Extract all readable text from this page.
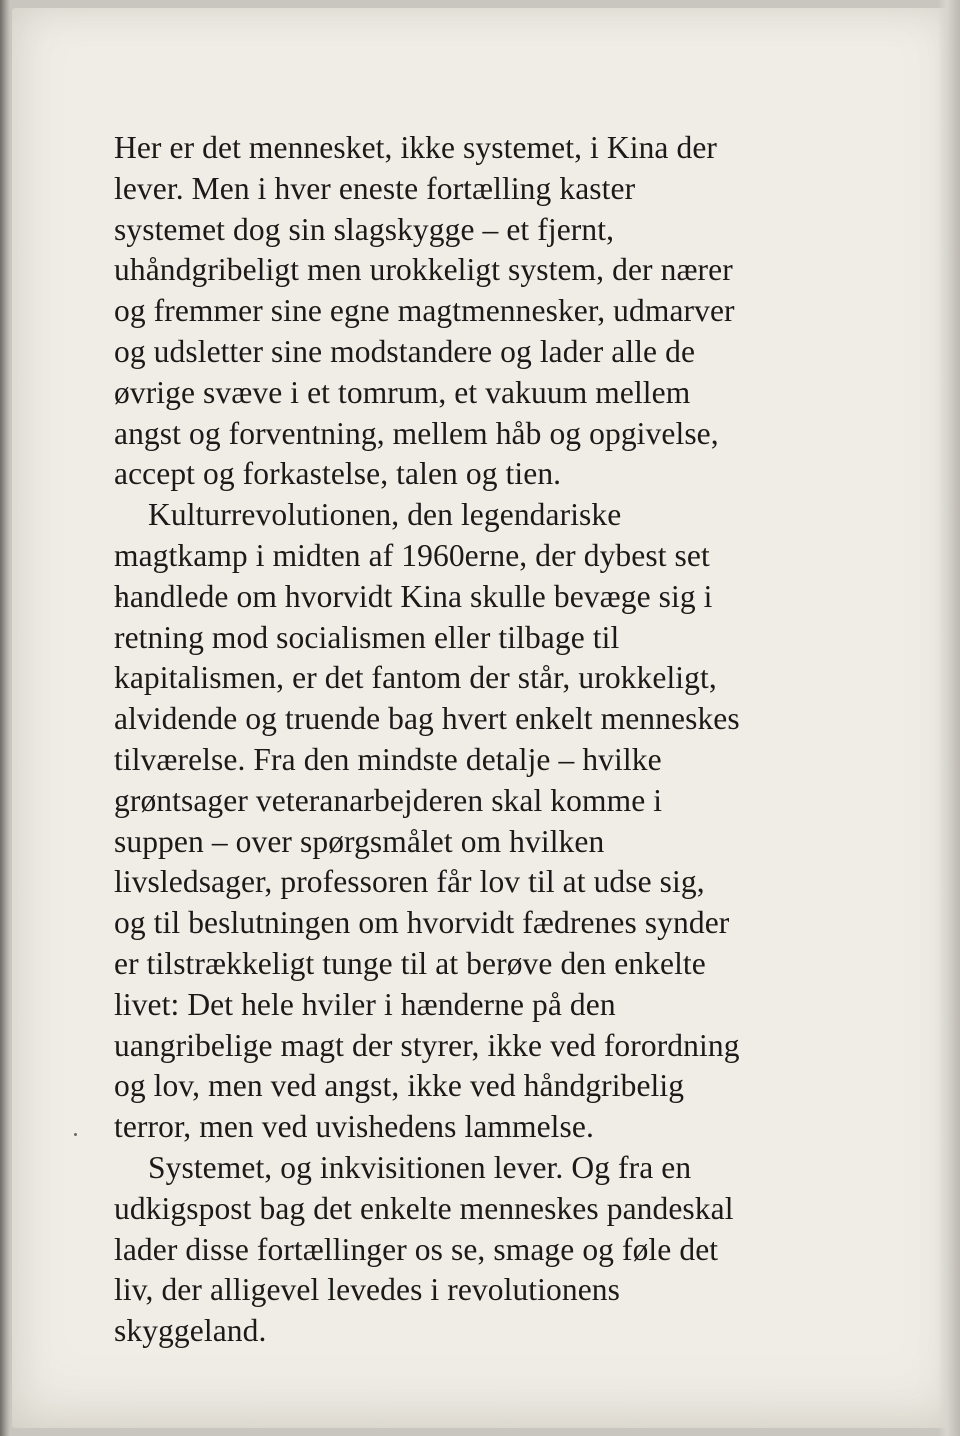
Her er det mennesket, ikke systemet, i Kina der
lever. Men i hver eneste fortælling kaster
systemet dog sin slagskygge – et fjernt,
uhåndgribeligt men urokkeligt system, der nærer
og fremmer sine egne magtmennesker, udmarver
og udsletter sine modstandere og lader alle de
øvrige svæve i et tomrum, et vakuum mellem
angst og forventning, mellem håb og opgivelse,
accept og forkastelse, talen og tien.
Kulturrevolutionen, den legendariske
magtkamp i midten af 1960erne, der dybest set
handlede om hvorvidt Kina skulle bevæge sig i
retning mod socialismen eller tilbage til
kapitalismen, er det fantom der står, urokkeligt,
alvidende og truende bag hvert enkelt menneskes
tilværelse. Fra den mindste detalje – hvilke
grøntsager veteranarbejderen skal komme i
suppen – over spørgsmålet om hvilken
livsledsager, professoren får lov til at udse sig,
og til beslutningen om hvorvidt fædrenes synder
er tilstrækkeligt tunge til at berøve den enkelte
livet: Det hele hviler i hænderne på den
uangribelige magt der styrer, ikke ved forordning
og lov, men ved angst, ikke ved håndgribelig
terror, men ved uvishedens lammelse.
Systemet, og inkvisitionen lever. Og fra en
udkigspost bag det enkelte menneskes pandeskal
lader disse fortællinger os se, smage og føle det
liv, der alligevel levedes i revolutionens
skyggeland.
